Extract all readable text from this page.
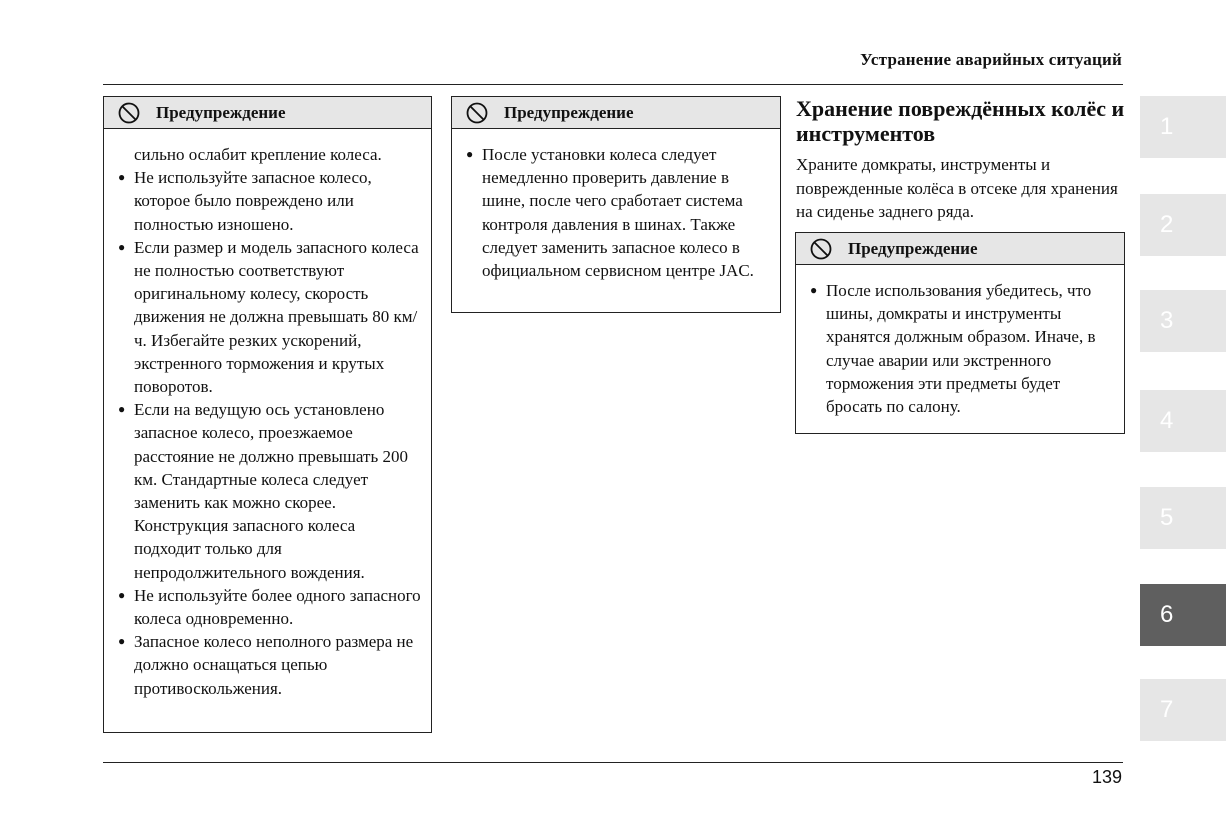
Устранение аварийных ситуаций
Предупреждение

сильно ослабит крепление колеса.

● Не используйте запасное колесо, которое было повреждено или полностью изношено.
● Если размер и модель запасного колеса не полностью соответствуют оригинальному колесу, скорость движения не должна превышать 80 км/ч. Избегайте резких ускорений, экстренного торможения и крутых поворотов.
● Если на ведущую ось установлено запасное колесо, проезжаемое расстояние не должно превышать 200 км. Стандартные колеса следует заменить как можно скорее. Конструкция запасного колеса подходит только для непродолжительного вождения.
● Не используйте более одного запасного колеса одновременно.
● Запасное колесо неполного размера не должно оснащаться цепью противоскольжения.
Предупреждение
● После установки колеса следует немедленно проверить давление в шине, после чего сработает система контроля давления в шинах. Также следует заменить запасное колесо в официальном сервисном центре JAC.
Хранение повреждённых колёс и инструментов

Храните домкраты, инструменты и поврежденные колёса в отсеке для хранения на сиденье заднего ряда.

Предупреждение
● После использования убедитесь, что шины, домкраты и инструменты хранятся должным образом. Иначе, в случае аварии или экстренного торможения эти предметы будет бросать по салону.
1
2
3
4
5
6
7
139
